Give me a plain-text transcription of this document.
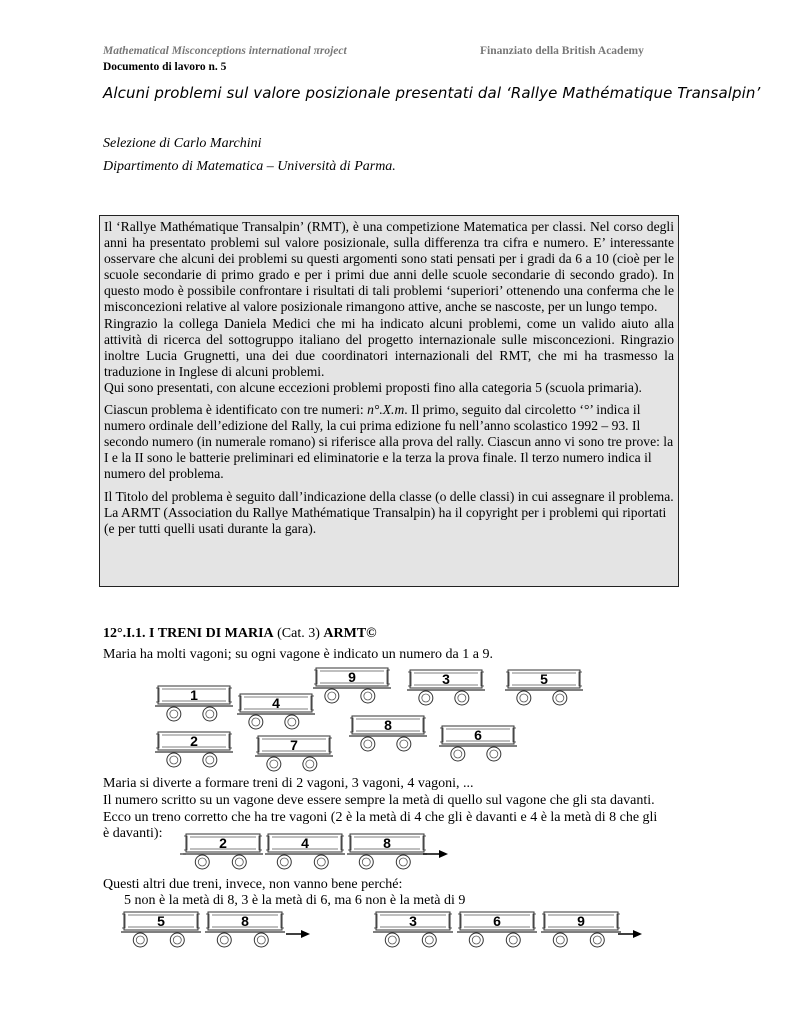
Mathematical Misconceptions international πroject	Finanziato della British Academy
Documento di lavoro n. 5
Alcuni problemi sul valore posizionale presentati dal ‘Rallye Mathématique Transalpin’
Selezione di Carlo Marchini
Dipartimento di Matematica – Università di Parma.

Il ‘Rallye Mathématique Transalpin’ (RMT), è una competizione Matematica per classi. Nel corso degli anni ha presentato problemi sul valore posizionale, sulla differenza tra cifra e numero. E’ interessante osservare che alcuni dei problemi su questi argomenti sono stati pensati per i gradi da 6 a 10 (cioè per le scuole secondarie di primo grado e per i primi due anni delle scuole secondarie di secondo grado). In questo modo è possibile confrontare i risultati di tali problemi ‘superiori’ ottenendo una conferma che le misconcezioni relative al valore posizionale rimangono attive, anche se nascoste, per un lungo tempo.

Ringrazio la collega Daniela Medici che mi ha indicato alcuni problemi, come un valido aiuto alla attività di ricerca del sottogruppo italiano del progetto internazionale sulle misconcezioni. Ringrazio inoltre Lucia Grugnetti, una dei due coordinatori internazionali del RMT, che mi ha trasmesso la traduzione in Inglese di alcuni problemi.

Qui sono presentati, con alcune eccezioni problemi proposti fino alla categoria 5 (scuola primaria).

Ciascun problema è identificato con tre numeri: n°.X.m. Il primo, seguito dal circoletto ‘°’ indica il numero ordinale dell’edizione del Rally, la cui prima edizione fu nell’anno scolastico 1992 – 93. Il secondo numero (in numerale romano) si riferisce alla prova del rally. Ciascun anno vi sono tre prove: la I e la II sono le batterie preliminari ed eliminatorie e la terza la prova finale. Il terzo numero indica il numero del problema.

Il Titolo del problema è seguito dall’indicazione della classe (o delle classi) in cui assegnare il problema.

La ARMT (Association du Rallye Mathématique Transalpin) ha il copyright per i problemi qui riportati (e per tutti quelli usati durante la gara).

12°.I.1. I TRENI DI MARIA (Cat. 3) ARMT©
Maria ha molti vagoni; su ogni vagone è indicato un numero da 1 a 9.
1	4
9	3	5
2	7
8
6
Maria si diverte a formare treni di 2 vagoni, 3 vagoni, 4 vagoni, ...
Il numero scritto su un vagone deve essere sempre la metà di quello sul vagone che gli sta davanti.
Ecco un treno corretto che ha tre vagoni (2 è la metà di 4 che gli è davanti e 4 è la metà di 8 che gli
è davanti):
2	4	8
Questi altri due treni, invece, non vanno bene perché:
5 non è la metà di 8, 3 è la metà di 6, ma 6 non è la metà di 9
5	8	3	6	9
